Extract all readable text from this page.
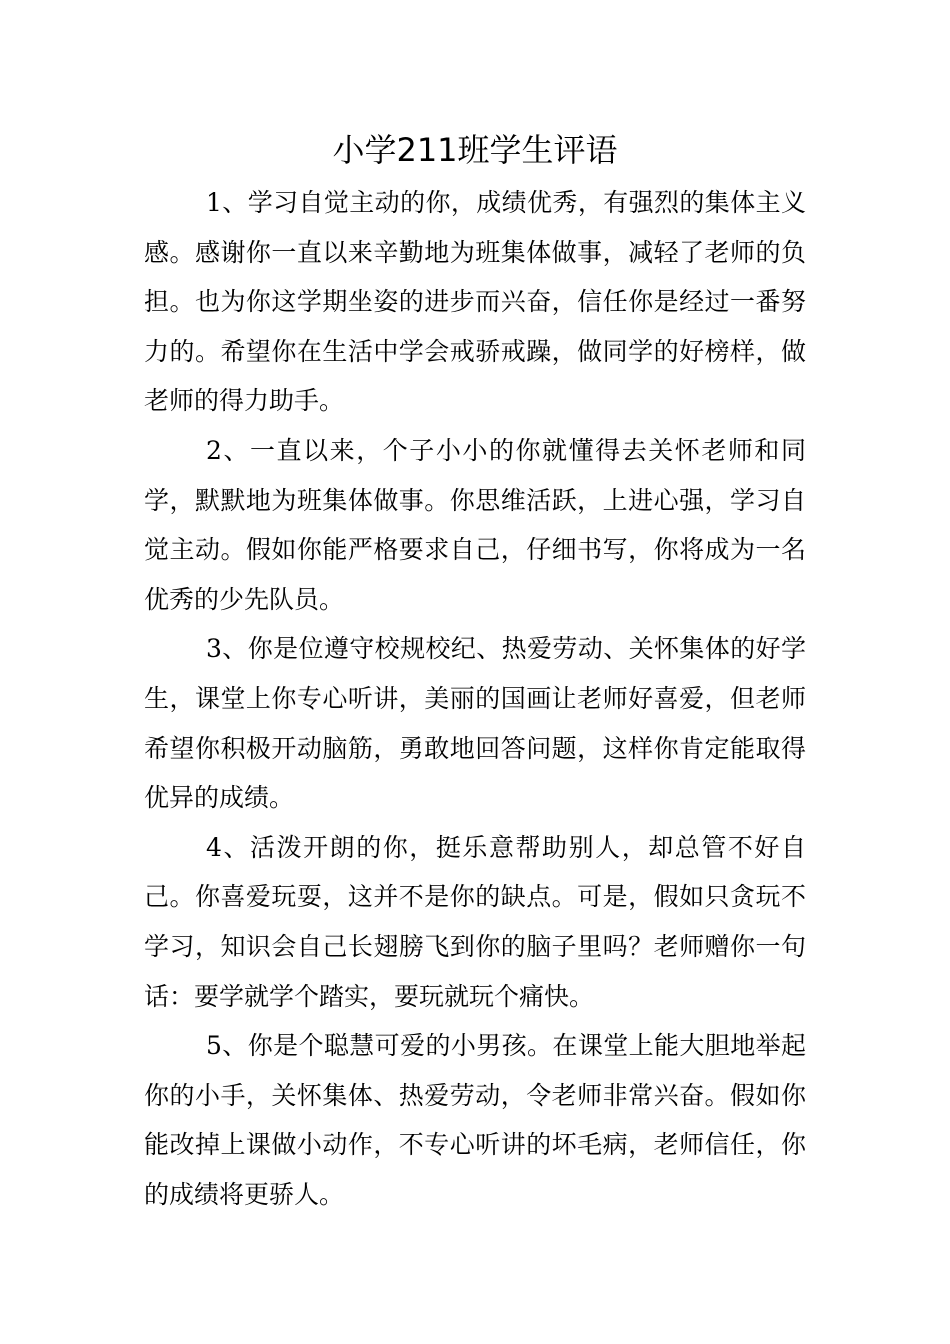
小学211班学生评语

1、学习自觉主动的你，成绩优秀，有强烈的集体主义感。感谢你一直以来辛勤地为班集体做事，减轻了老师的负担。也为你这学期坐姿的进步而兴奋，信任你是经过一番努力的。希望你在生活中学会戒骄戒躁，做同学的好榜样，做老师的得力助手。

2、一直以来，个子小小的你就懂得去关怀老师和同学，默默地为班集体做事。你思维活跃，上进心强，学习自觉主动。假如你能严格要求自己，仔细书写，你将成为一名优秀的少先队员。

3、你是位遵守校规校纪、热爱劳动、关怀集体的好学生，课堂上你专心听讲，美丽的国画让老师好喜爱，但老师希望你积极开动脑筋，勇敢地回答问题，这样你肯定能取得优异的成绩。

4、活泼开朗的你，挺乐意帮助别人，却总管不好自己。你喜爱玩耍，这并不是你的缺点。可是，假如只贪玩不学习，知识会自己长翅膀飞到你的脑子里吗？老师赠你一句话：要学就学个踏实，要玩就玩个痛快。

5、你是个聪慧可爱的小男孩。在课堂上能大胆地举起你的小手，关怀集体、热爱劳动，令老师非常兴奋。假如你能改掉上课做小动作，不专心听讲的坏毛病，老师信任，你的成绩将更骄人。
